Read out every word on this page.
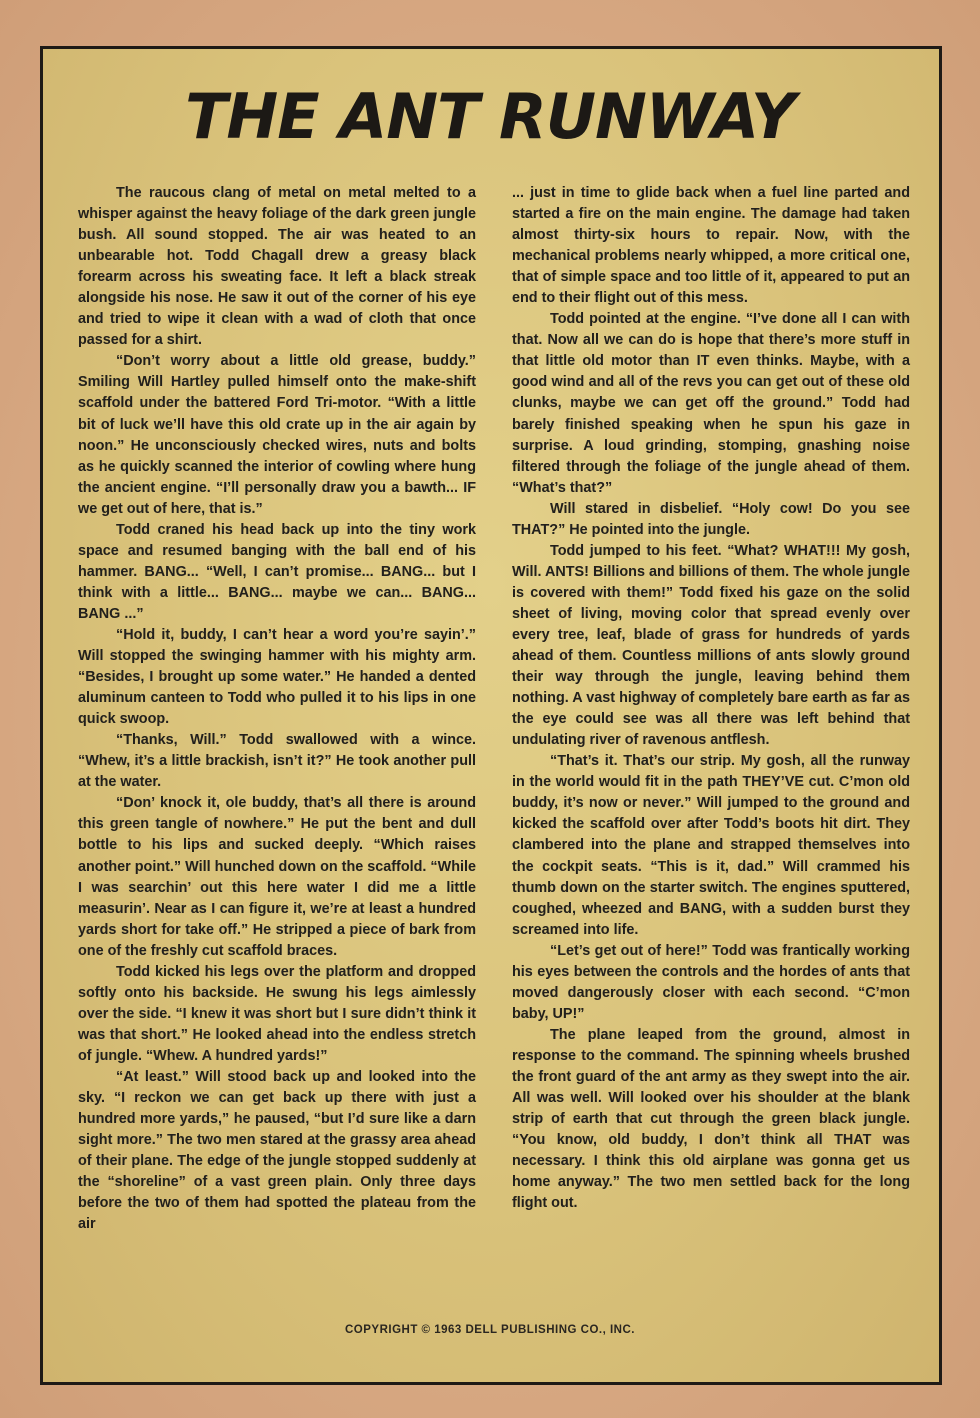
THE ANT RUNWAY

The raucous clang of metal on metal melted to a whisper against the heavy foliage of the dark green jungle bush. All sound stopped. The air was heated to an unbearable hot. Todd Chagall drew a greasy black forearm across his sweating face. It left a black streak alongside his nose. He saw it out of the corner of his eye and tried to wipe it clean with a wad of cloth that once passed for a shirt.

“Don’t worry about a little old grease, buddy.” Smiling Will Hartley pulled himself onto the make-shift scaffold under the battered Ford Tri-motor. “With a little bit of luck we’ll have this old crate up in the air again by noon.” He unconsciously checked wires, nuts and bolts as he quickly scanned the interior of cowling where hung the ancient engine. “I’ll personally draw you a bawth... IF we get out of here, that is.”

Todd craned his head back up into the tiny work space and resumed banging with the ball end of his hammer. BANG... “Well, I can’t promise... BANG... but I think with a little... BANG... maybe we can... BANG... BANG ...”

“Hold it, buddy, I can’t hear a word you’re sayin’.” Will stopped the swinging hammer with his mighty arm. “Besides, I brought up some water.” He handed a dented aluminum canteen to Todd who pulled it to his lips in one quick swoop.

“Thanks, Will.” Todd swallowed with a wince. “Whew, it’s a little brackish, isn’t it?” He took another pull at the water.

“Don’ knock it, ole buddy, that’s all there is around this green tangle of nowhere.” He put the bent and dull bottle to his lips and sucked deeply. “Which raises another point.” Will hunched down on the scaffold. “While I was searchin’ out this here water I did me a little measurin’. Near as I can figure it, we’re at least a hundred yards short for take off.” He stripped a piece of bark from one of the freshly cut scaffold braces.

Todd kicked his legs over the platform and dropped softly onto his backside. He swung his legs aimlessly over the side. “I knew it was short but I sure didn’t think it was that short.” He looked ahead into the endless stretch of jungle. “Whew. A hundred yards!”

“At least.” Will stood back up and looked into the sky. “I reckon we can get back up there with just a hundred more yards,” he paused, “but I’d sure like a darn sight more.” The two men stared at the grassy area ahead of their plane. The edge of the jungle stopped suddenly at the “shoreline” of a vast green plain. Only three days before the two of them had spotted the plateau from the air

... just in time to glide back when a fuel line parted and started a fire on the main engine. The damage had taken almost thirty-six hours to repair. Now, with the mechanical problems nearly whipped, a more critical one, that of simple space and too little of it, appeared to put an end to their flight out of this mess.

Todd pointed at the engine. “I’ve done all I can with that. Now all we can do is hope that there’s more stuff in that little old motor than IT even thinks. Maybe, with a good wind and all of the revs you can get out of these old clunks, maybe we can get off the ground.” Todd had barely finished speaking when he spun his gaze in surprise. A loud grinding, stomping, gnashing noise filtered through the foliage of the jungle ahead of them. “What’s that?”

Will stared in disbelief. “Holy cow! Do you see THAT?” He pointed into the jungle.

Todd jumped to his feet. “What? WHAT!!! My gosh, Will. ANTS! Billions and billions of them. The whole jungle is covered with them!” Todd fixed his gaze on the solid sheet of living, moving color that spread evenly over every tree, leaf, blade of grass for hundreds of yards ahead of them. Countless millions of ants slowly ground their way through the jungle, leaving behind them nothing. A vast highway of completely bare earth as far as the eye could see was all there was left behind that undulating river of ravenous antflesh.

“That’s it. That’s our strip. My gosh, all the runway in the world would fit in the path THEY’VE cut. C’mon old buddy, it’s now or never.” Will jumped to the ground and kicked the scaffold over after Todd’s boots hit dirt. They clambered into the plane and strapped themselves into the cockpit seats. “This is it, dad.” Will crammed his thumb down on the starter switch. The engines sputtered, coughed, wheezed and BANG, with a sudden burst they screamed into life.

“Let’s get out of here!” Todd was frantically working his eyes between the controls and the hordes of ants that moved dangerously closer with each second. “C’mon baby, UP!”

The plane leaped from the ground, almost in response to the command. The spinning wheels brushed the front guard of the ant army as they swept into the air. All was well. Will looked over his shoulder at the blank strip of earth that cut through the green black jungle. “You know, old buddy, I don’t think all THAT was necessary. I think this old airplane was gonna get us home anyway.” The two men settled back for the long flight out.

COPYRIGHT © 1963 DELL PUBLISHING CO., INC.
